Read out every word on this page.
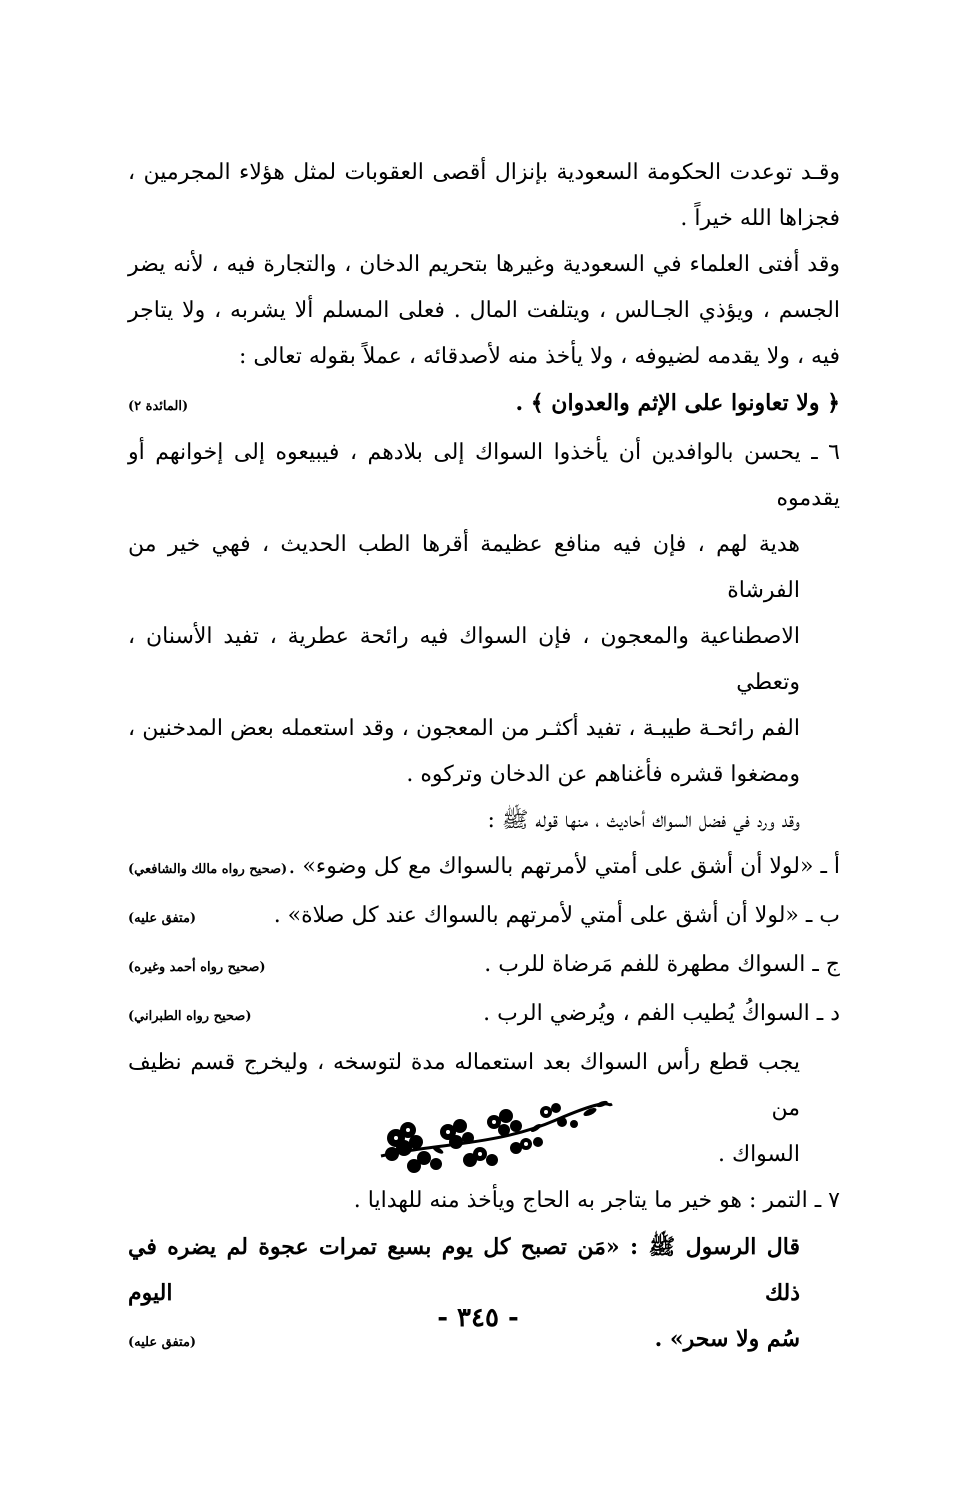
وقـد توعدت الحكومة السعودية بإنزال أقصى العقوبات لمثل هؤلاء المجرمين ،
فجزاها الله خيراً .
وقد أفتى العلماء في السعودية وغيرها بتحريم الدخان ، والتجارة فيه ، لأنه يضر
الجسم ، ويؤذي الجـالس ، ويتلفت المال . فعلى المسلم ألا يشربه ، ولا يتاجر
فيه ، ولا يقدمه لضيوفه ، ولا يأخذ منه لأصدقائه ، عملاً بقوله تعالى :
﴿ ولا تعاونوا على الإثم والعدوان ﴾ .
(المائدة ٢)
٦ ـ يحسن بالوافدين أن يأخذوا السواك إلى بلادهم ، فيبيعوه إلى إخوانهم أو يقدموه
هدية لهم ، فإن فيه منافع عظيمة أقرها الطب الحديث ، فهي خير من الفرشاة
الاصطناعية والمعجون ، فإن السواك فيه رائحة عطرية ، تفيد الأسنان ، وتعطي
الفم رائحـة طيبـة ، تفيد أكثـر من المعجون ، وقد استعمله بعض المدخنين ،
ومضغوا قشره فأغناهم عن الدخان وتركوه .
وقد ورد في فضل السواك أحاديث ، منها قوله ﷺ :
أ ـ «لولا أن أشق على أمتي لأمرتهم بالسواك مع كل وضوء» .
(صحيح رواه مالك والشافعي)
ب ـ «لولا أن أشق على أمتي لأمرتهم بالسواك عند كل صلاة» .
(متفق عليه)
ج ـ السواك مطهرة للفم مَرضاة للرب .
(صحيح رواه أحمد وغيره)
د ـ السواكُ يُطيب الفم ، ويُرضي الرب .
(صحيح رواه الطبراني)
يجب قطع رأس السواك بعد استعماله مدة لتوسخه ، وليخرج قسم نظيف من
السواك .
٧ ـ التمر : هو خير ما يتاجر به الحاج ويأخذ منه للهدايا .
قال الرسول ﷺ : «مَن تصبح كل يوم بسبع تمرات عجوة لم يضره في ذلك اليوم
سُم ولا سحر» .
(متفق عليه)
- ٣٤٥ -
